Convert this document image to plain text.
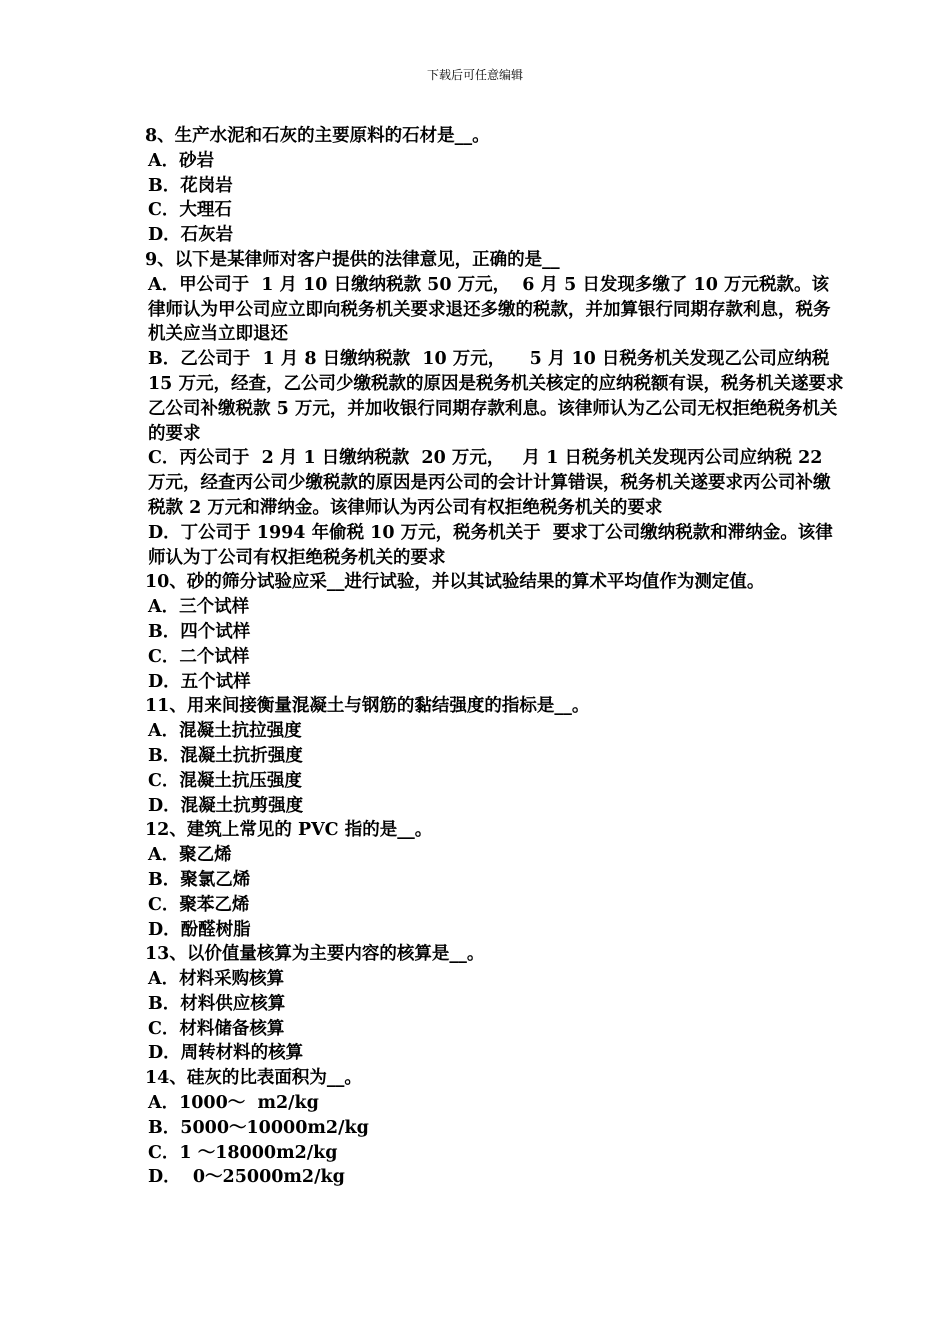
下载后可任意编辑

8、生产水泥和石灰的主要原料的石材是__。

A．砂岩

B．花岗岩

C．大理石

D．石灰岩

9、以下是某律师对客户提供的法律意见，正确的是__

A．甲公司于  1 月 10 日缴纳税款 50 万元，  6 月 5 日发现多缴了 10 万元税款。该律师认为甲公司应立即向税务机关要求退还多缴的税款，并加算银行同期存款利息，税务机关应当立即退还

B．乙公司于  1 月 8 日缴纳税款  10 万元，    5 月 10 日税务机关发现乙公司应纳税 15 万元，经查，乙公司少缴税款的原因是税务机关核定的应纳税额有误，税务机关遂要求乙公司补缴税款 5 万元，并加收银行同期存款利息。该律师认为乙公司无权拒绝税务机关的要求

C．丙公司于  2 月 1 日缴纳税款  20 万元，   月 1 日税务机关发现丙公司应纳税 22 万元，经查丙公司少缴税款的原因是丙公司的会计计算错误，税务机关遂要求丙公司补缴税款 2 万元和滞纳金。该律师认为丙公司有权拒绝税务机关的要求

D．丁公司于 1994 年偷税 10 万元，税务机关于  要求丁公司缴纳税款和滞纳金。该律师认为丁公司有权拒绝税务机关的要求

10、砂的筛分试验应采__进行试验，并以其试验结果的算术平均值作为测定值。

A．三个试样

B．四个试样

C．二个试样

D．五个试样

11、用来间接衡量混凝土与钢筋的黏结强度的指标是__。

A．混凝土抗拉强度

B．混凝土抗折强度

C．混凝土抗压强度

D．混凝土抗剪强度

12、建筑上常见的 PVC 指的是__。

A．聚乙烯

B．聚氯乙烯

C．聚苯乙烯

D．酚醛树脂

13、以价值量核算为主要内容的核算是__。

A．材料采购核算

B．材料供应核算

C．材料储备核算

D．周转材料的核算

14、硅灰的比表面积为__。

A．1000～  m2/kg

B．5000～10000m2/kg

C．1 ～18000m2/kg

D．  0～25000m2/kg
